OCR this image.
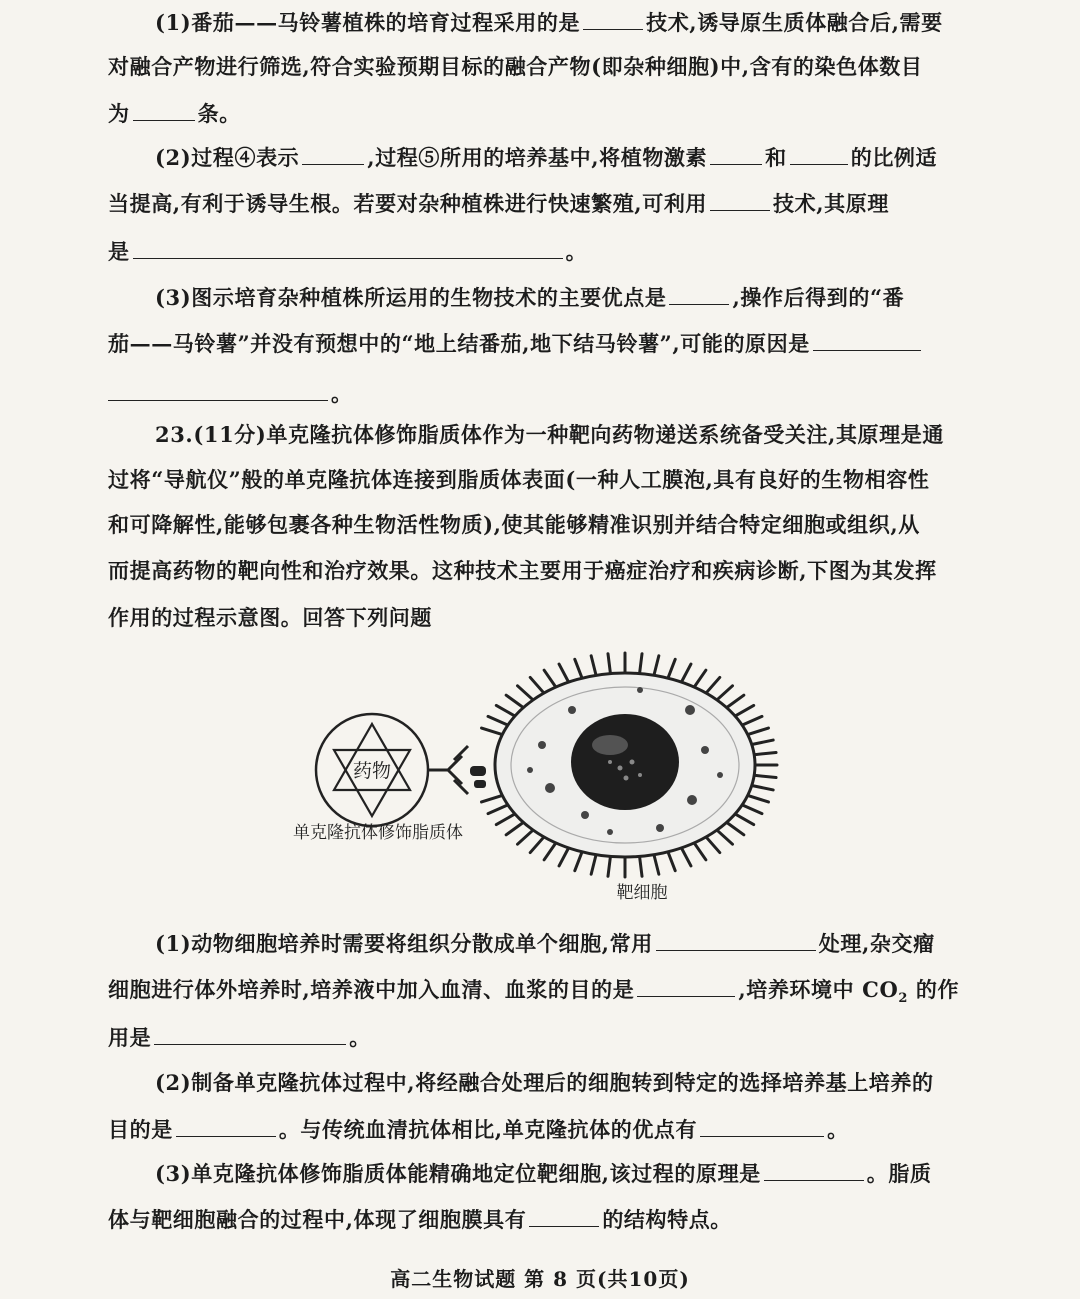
(1)番茄——马铃薯植株的培育过程采用的是	技术,诱导原生质体融合后,需要
对融合产物进行筛选,符合实验预期目标的融合产物(即杂种细胞)中,含有的染色体数目
为	条。
(2)过程④表示	,过程⑤所用的培养基中,将植物激素	和	的比例适
当提高,有利于诱导生根。若要对杂种植株进行快速繁殖,可利用	技术,其原理
是	。
(3)图示培育杂种植株所运用的生物技术的主要优点是	,操作后得到的“番
茄——马铃薯”并没有预想中的“地上结番茄,地下结马铃薯”,可能的原因是
。
23.(11分)单克隆抗体修饰脂质体作为一种靶向药物递送系统备受关注,其原理是通
过将“导航仪”般的单克隆抗体连接到脂质体表面(一种人工膜泡,具有良好的生物相容性
和可降解性,能够包裹各种生物活性物质),使其能够精准识别并结合特定细胞或组织,从
而提高药物的靶向性和治疗效果。这种技术主要用于癌症治疗和疾病诊断,下图为其发挥
作用的过程示意图。回答下列问题
药物
单克隆抗体修饰脂质体
靶细胞
(1)动物细胞培养时需要将组织分散成单个细胞,常用	处理,杂交瘤
细胞进行体外培养时,培养液中加入血清、血浆的目的是	,培养环境中 $CO_2$ 的作
用是	。
(2)制备单克隆抗体过程中,将经融合处理后的细胞转到特定的选择培养基上培养的
目的是	。与传统血清抗体相比,单克隆抗体的优点有	。
(3)单克隆抗体修饰脂质体能精确地定位靶细胞,该过程的原理是	。脂质
体与靶细胞融合的过程中,体现了细胞膜具有	的结构特点。
高二生物试题 第 8 页(共10页)
